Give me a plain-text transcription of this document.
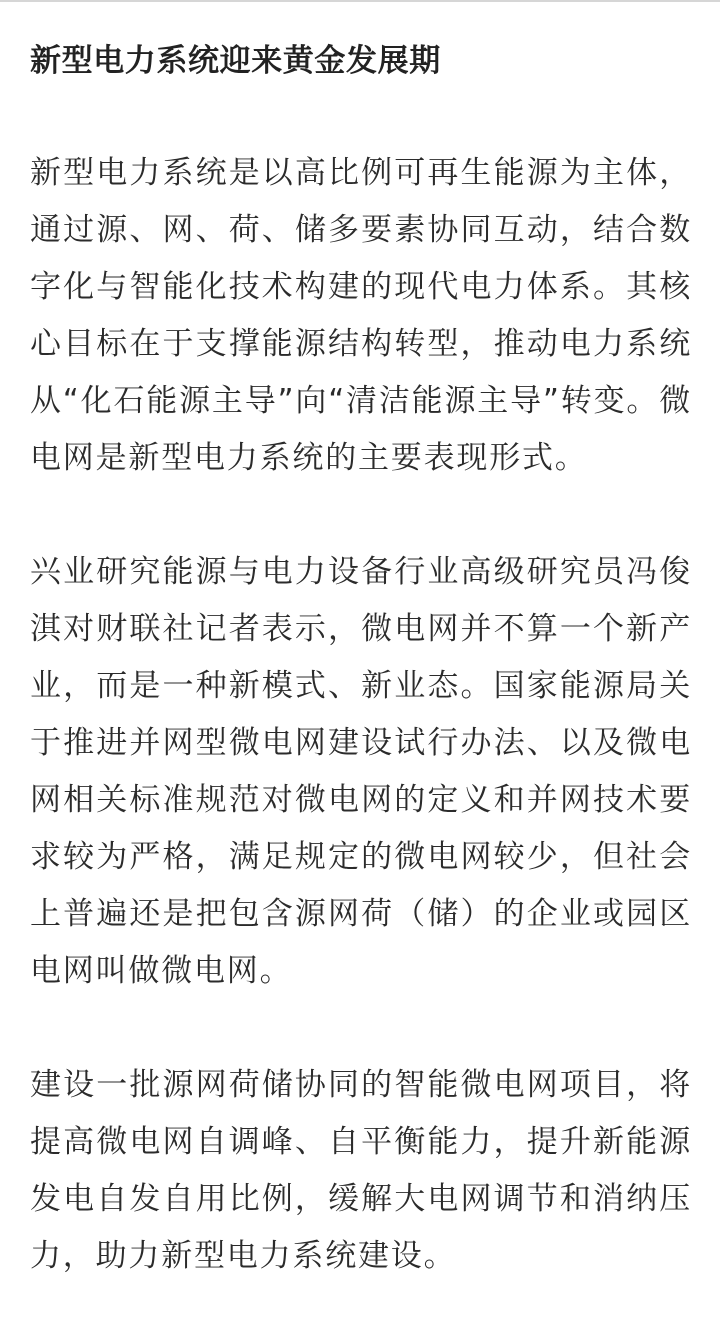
新型电力系统迎来黄金发展期

新型电力系统是以高比例可再生能源为主体，通过源、网、荷、储多要素协同互动，结合数字化与智能化技术构建的现代电力体系。其核心目标在于支撑能源结构转型，推动电力系统从“化石能源主导”向“清洁能源主导”转变。微电网是新型电力系统的主要表现形式。

兴业研究能源与电力设备行业高级研究员冯俊淇对财联社记者表示，微电网并不算一个新产业，而是一种新模式、新业态。国家能源局关于推进并网型微电网建设试行办法、以及微电网相关标准规范对微电网的定义和并网技术要求较为严格，满足规定的微电网较少，但社会上普遍还是把包含源网荷（储）的企业或园区电网叫做微电网。

建设一批源网荷储协同的智能微电网项目，将提高微电网自调峰、自平衡能力，提升新能源发电自发自用比例，缓解大电网调节和消纳压力，助力新型电力系统建设。
